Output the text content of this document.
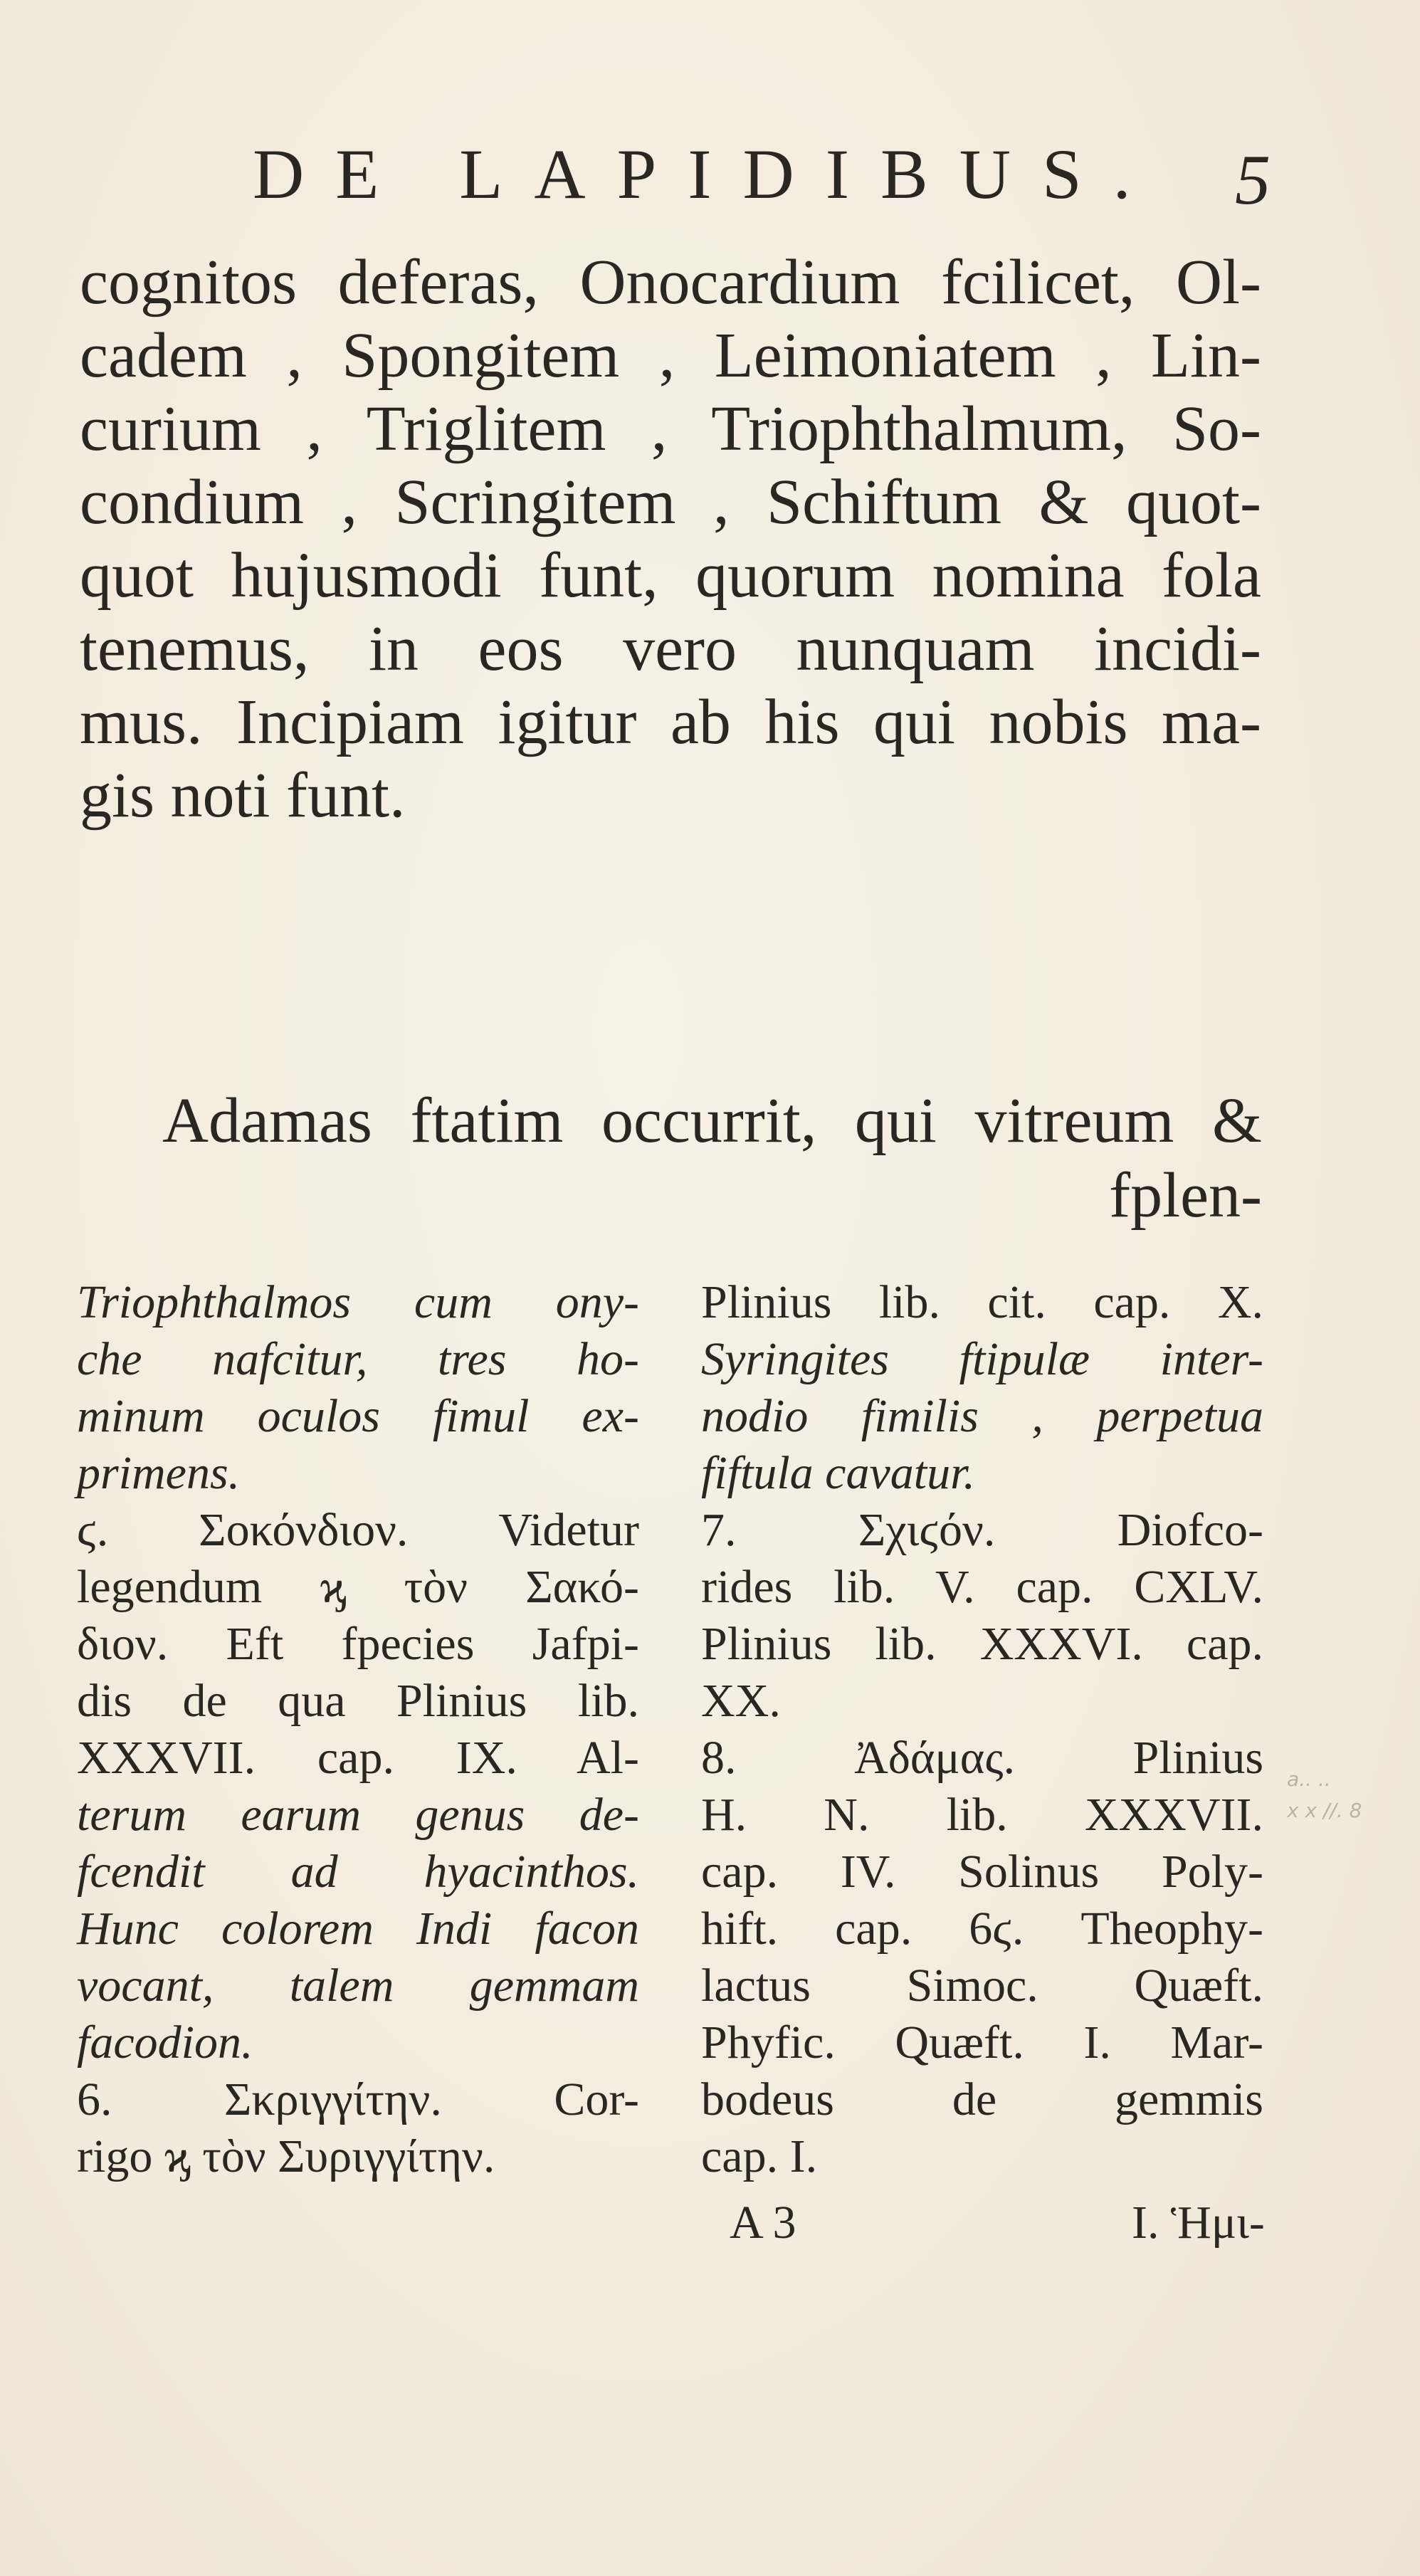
DE LAPIDIBUS. 5
cognitos deferas, Onocardium fcilicet, Ol-
cadem , Spongitem , Leimoniatem , Lin-
curium , Triglitem , Triophthalmum, So-
condium , Scringitem , Schiftum & quot-
quot hujusmodi funt, quorum nomina fola
tenemus, in eos vero nunquam incidi-
mus. Incipiam igitur ab his qui nobis ma-
gis noti funt.
Adamas ftatim occurrit, qui vitreum &
fplen-
Triophthalmos cum ony-
che nafcitur, tres ho-
minum oculos fimul ex-
primens.
ϛ. Σοκόνδιον. Videtur
legendum ϗ τὸν Σακό-
διον. Eft fpecies Jafpi-
dis de qua Plinius lib.
XXXVII. cap. IX. Al-
terum earum genus de-
fcendit ad hyacinthos.
Hunc colorem Indi facon
vocant, talem gemmam
facodion.
6. Σκριγγίτην. Cor-
rigo ϗ τὸν Συριγγίτην.
Plinius lib. cit. cap. X.
Syringites ftipulæ inter-
nodio fimilis , perpetua
fiftula cavatur.
7. Σχιϛόν. Diofco-
rides lib. V. cap. CXLV.
Plinius lib. XXXVI. cap.
XX.
8. Ἀδάμας. Plinius
H. N. lib. XXXVII.
cap. IV. Solinus Poly-
hift. cap. 6ϛ. Theophy-
lactus Simoc. Quæft.
Phyfic. Quæft. I. Mar-
bodeus de gemmis
cap. I.
A 3	I. Ἡμι-
a.. ..
x x //. 8
